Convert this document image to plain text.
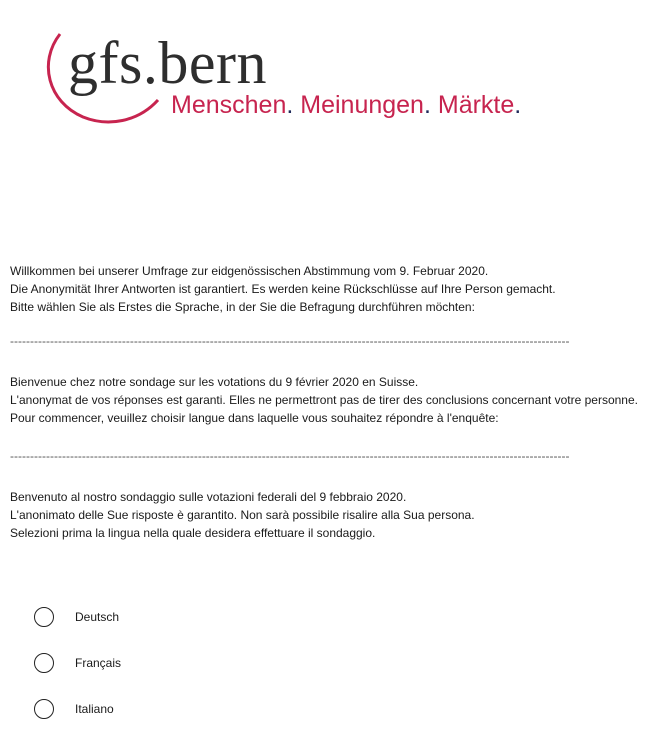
gfs.bern
Menschen. Meinungen. Märkte.

Willkommen bei unserer Umfrage zur eidgenössischen Abstimmung vom 9. Februar 2020.

Die Anonymität Ihrer Antworten ist garantiert. Es werden keine Rückschlüsse auf Ihre Person gemacht.

Bitte wählen Sie als Erstes die Sprache, in der Sie die Befragung durchführen möchten:

--------------------------------------------------------------------------------------------------------------------------------------------

Bienvenue chez notre sondage sur les votations du 9 février 2020 en Suisse.

L'anonymat de vos réponses est garanti. Elles ne permettront pas de tirer des conclusions concernant votre personne.

Pour commencer, veuillez choisir langue dans laquelle vous souhaitez répondre à l'enquête:

--------------------------------------------------------------------------------------------------------------------------------------------

Benvenuto al nostro sondaggio sulle votazioni federali del 9 febbraio 2020.

L'anonimato delle Sue risposte è garantito. Non sarà possibile risalire alla Sua persona.

Selezioni prima la lingua nella quale desidera effettuare il sondaggio.

Deutsch
Français
Italiano
